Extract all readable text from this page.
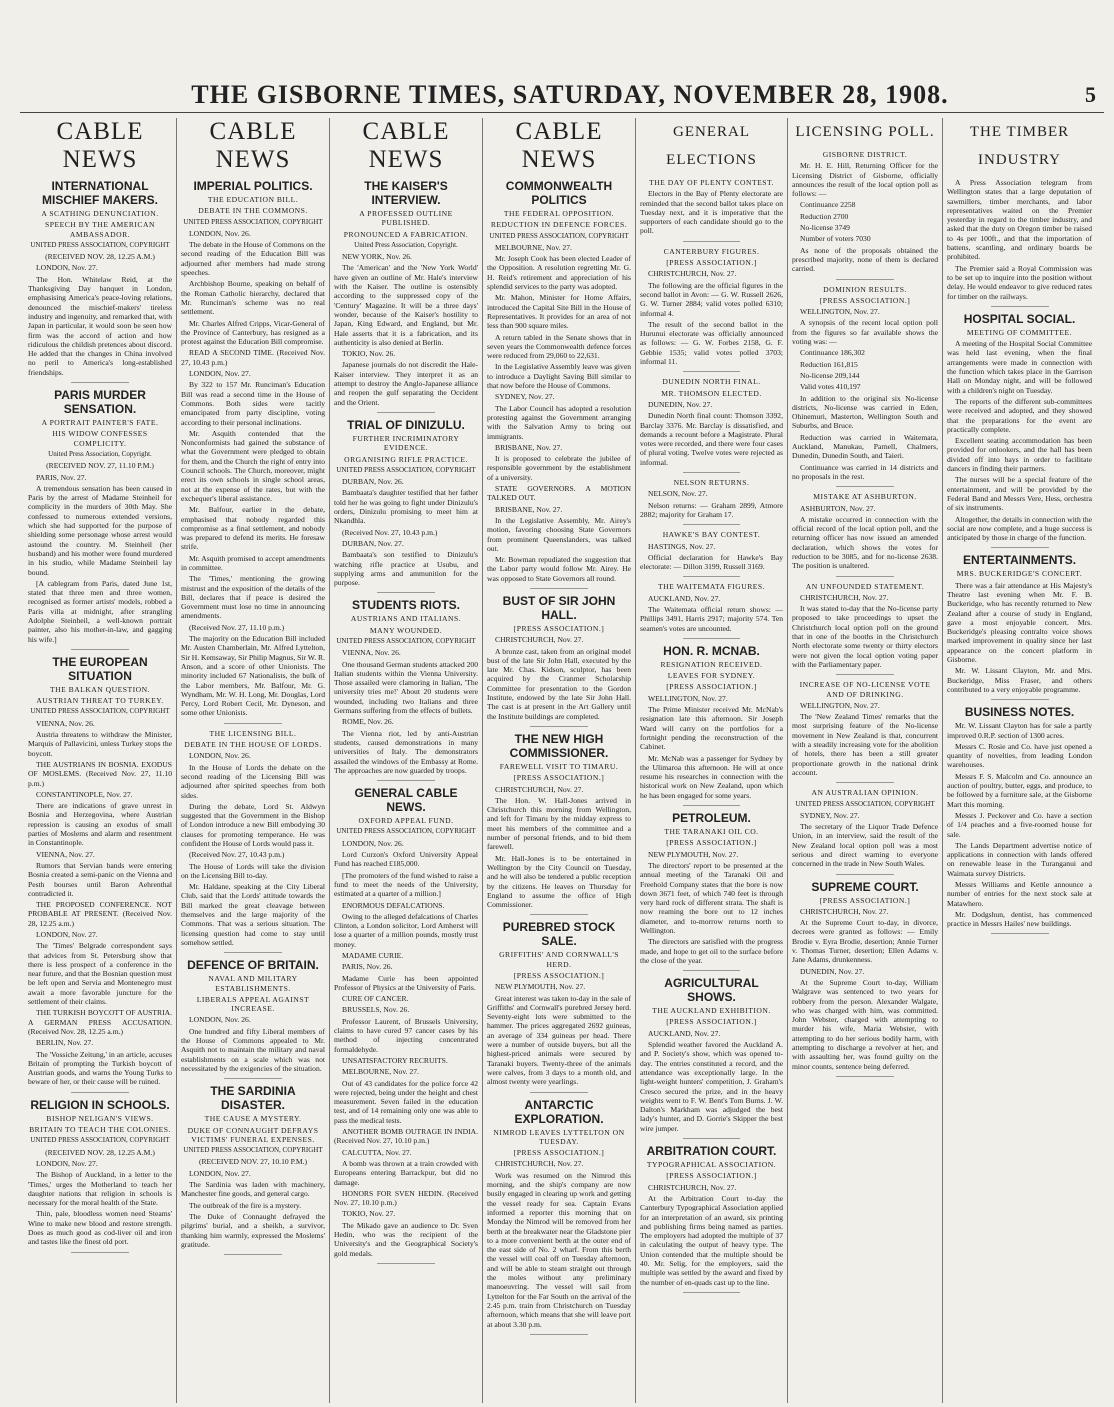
THE GISBORNE TIMES, SATURDAY, NOVEMBER 28, 1908.	5
CABLE NEWS
INTERNATIONAL MISCHIEF MAKERS.
A SCATHING DENUNCIATION.
SPEECH BY THE AMERICAN AMBASSADOR.
UNITED PRESS ASSOCIATION, COPYRIGHT
(RECEIVED NOV. 28, 12.25 A.M.)
LONDON, Nov. 27.
The Hon. Whitelaw Reid, at the Thanksgiving Day banquet in London, emphasising America's peace-loving relations, denounced the mischief-makers' tireless industry and ingenuity, and remarked that, with Japan in particular, it would soon be seen how firm was the accord of action and how ridiculous the childish pretences about discord. He added that the changes in China involved no peril to America's long-established friendships.
PARIS MURDER SENSATION.
A PORTRAIT PAINTER'S FATE.
HIS WIDOW CONFESSES COMPLICITY.
United Press Association, Copyright.
(RECEIVED NOV. 27, 11.10 P.M.)
PARIS, Nov. 27.
A tremendous sensation has been caused in Paris by the arrest of Madame Steinheil for complicity in the murders of 30th May. She confessed to numerous extended versions, which she had supported for the purpose of shielding some personage whose arrest would astound the country. M. Steinheil (her husband) and his mother were found murdered in his studio, while Madame Steinheil lay bound.
[A cablegram from Paris, dated June 1st, stated that three men and three women, recognised as former artists' models, robbed a Paris villa at midnight, after strangling Adolphe Steinheil, a well-known portrait painter, also his mother-in-law, and gagging his wife.]
THE EUROPEAN SITUATION
THE BALKAN QUESTION.
AUSTRIAN THREAT TO TURKEY.
UNITED PRESS ASSOCIATION, COPYRIGHT
VIENNA, Nov. 26.
Austria threatens to withdraw the Minister, Marquis of Pallavicini, unless Turkey stops the boycott.
THE AUSTRIANS IN BOSNIA. EXODUS OF MOSLEMS. (Received Nov. 27, 11.10 p.m.)
CONSTANTINOPLE, Nov. 27.
There are indications of grave unrest in Bosnia and Herzegovina, where Austrian repression is causing an exodus of small parties of Moslems and alarm and resentment in Constantinople.
VIENNA, Nov. 27.
Rumors that Servian bands were entering Bosnia created a semi-panic on the Vienna and Pesth bourses until Baron Aehrenthal contradicted it.
THE PROPOSED CONFERENCE. NOT PROBABLE AT PRESENT. (Received Nov. 28, 12.25 a.m.)
LONDON, Nov. 27.
The 'Times' Belgrade correspondent says that advices from St. Petersburg show that there is less prospect of a conference in the near future, and that the Bosnian question must be left open and Servia and Montenegro must await a more favorable juncture for the settlement of their claims.
THE TURKISH BOYCOTT OF AUSTRIA. A GERMAN PRESS ACCUSATION. (Received Nov. 28, 12.25 a.m.)
BERLIN, Nov. 27.
The 'Vossiche Zeitung,' in an article, accuses Britain of prompting the Turkish boycott of Austrian goods, and warns the Young Turks to beware of her, or their cause will be ruined.
RELIGION IN SCHOOLS.
BISHOP NELIGAN'S VIEWS.
BRITAIN TO TEACH THE COLONIES.
UNITED PRESS ASSOCIATION, COPYRIGHT
(RECEIVED NOV. 28, 12.25 A.M.)
LONDON, Nov. 27.
The Bishop of Auckland, in a letter to the 'Times,' urges the Motherland to teach her daughter nations that religion in schools is necessary for the moral health of the State.
Thin, pale, bloodless women need Steams' Wine to make new blood and restore strength. Does as much good as cod-liver oil and iron and tastes like the finest old port.
CABLE NEWS
IMPERIAL POLITICS.
THE EDUCATION BILL.
DEBATE IN THE COMMONS.
UNITED PRESS ASSOCIATION, COPYRIGHT
LONDON, Nov. 26.
The debate in the House of Commons on the second reading of the Education Bill was adjourned after members had made strong speeches.
Archbishop Bourne, speaking on behalf of the Roman Catholic hierarchy, declared that Mr. Runciman's scheme was no real settlement.
Mr. Charles Alfred Cripps, Vicar-General of the Province of Canterbury, has resigned as a protest against the Education Bill compromise.
READ A SECOND TIME. (Received Nov. 27, 10.43 p.m.)
LONDON, Nov. 27.
By 322 to 157 Mr. Runciman's Education Bill was read a second time in the House of Commons. Both sides were tacitly emancipated from party discipline, voting according to their personal inclinations.
Mr. Asquith contended that the Nonconformists had gained the substance of what the Government were pledged to obtain for them, and the Church the right of entry into Council schools. The Church, moreover, might erect its own schools in single school areas, not at the expense of the rates, but with the exchequer's liberal assistance.
Mr. Balfour, earlier in the debate, emphasised that nobody regarded this compromise as a final settlement, and nobody was prepared to defend its merits. He foresaw strife.
Mr. Asquith promised to accept amendments in committee.
The 'Times,' mentioning the growing mistrust and the exposition of the details of the Bill, declares that if peace is desired the Government must lose no time in announcing amendments.
(Received Nov. 27, 11.10 p.m.)
The majority on the Education Bill included Mr. Austen Chamberlain, Mr. Alfred Lyttelton, Sir H. Kemsaway, Sir Philip Magnus, Sir W. R. Anson, and a score of other Unionists. The minority included 67 Nationalists, the bulk of the Labor members, Mr. Balfour, Mr. G. Wyndham, Mr. W. H. Long, Mr. Douglas, Lord Percy, Lord Robert Cecil, Mr. Dyneson, and some other Unionists.
THE LICENSING BILL.
DEBATE IN THE HOUSE OF LORDS.
LONDON, Nov. 26.
In the House of Lords the debate on the second reading of the Licensing Bill was adjourned after spirited speeches from both sides.
During the debate, Lord St. Aldwyn suggested that the Government in the Bishop of London introduce a new Bill embodying 30 clauses for promoting temperance. He was confident the House of Lords would pass it.
(Received Nov. 27, 10.43 p.m.)
The House of Lords will take the division on the Licensing Bill to-day.
Mr. Haldane, speaking at the City Liberal Club, said that the Lords' attitude towards the Bill marked the great cleavage between themselves and the large majority of the Commons. That was a serious situation. The licensing question had come to stay until somehow settled.
DEFENCE OF BRITAIN.
NAVAL AND MILITARY ESTABLISHMENTS.
LIBERALS APPEAL AGAINST INCREASE.
LONDON, Nov. 26.
One hundred and fifty Liberal members of the House of Commons appealed to Mr. Asquith not to maintain the military and naval establishments on a scale which was not necessitated by the exigencies of the situation.
THE SARDINIA DISASTER.
THE CAUSE A MYSTERY.
DUKE OF CONNAUGHT DEFRAYS VICTIMS' FUNERAL EXPENSES.
UNITED PRESS ASSOCIATION, COPYRIGHT
(RECEIVED NOV. 27, 10.10 P.M.)
LONDON, Nov. 27.
The Sardinia was laden with machinery, Manchester fine goods, and general cargo.
The outbreak of the fire is a mystery.
The Duke of Connaught defrayed the pilgrims' burial, and a sheikh, a survivor, thanking him warmly, expressed the Moslems' gratitude.
CABLE NEWS
THE KAISER'S INTERVIEW.
A PROFESSED OUTLINE PUBLISHED.
PRONOUNCED A FABRICATION.
United Press Association, Copyright.
NEW YORK, Nov. 26.
The 'American' and the 'New York World' have given an outline of Mr. Hale's interview with the Kaiser. The outline is ostensibly according to the suppressed copy of the 'Century' Magazine. It will be a three days' wonder, because of the Kaiser's hostility to Japan, King Edward, and England, but Mr. Hale asserts that it is a fabrication, and its authenticity is also denied at Berlin.
TOKIO, Nov. 26.
Japanese journals do not discredit the Hale-Kaiser interview. They interpret it as an attempt to destroy the Anglo-Japanese alliance and reopen the gulf separating the Occident and the Orient.
TRIAL OF DINIZULU.
FURTHER INCRIMINATORY EVIDENCE.
ORGANISING RIFLE PRACTICE.
UNITED PRESS ASSOCIATION, COPYRIGHT
DURBAN, Nov. 26.
Bambaata's daughter testified that her father told her he was going to fight under Dinizulu's orders, Dinizulu promising to meet him at Nkandhla.
(Received Nov. 27, 10.43 p.m.)
DURBAN, Nov. 27.
Bambaata's son testified to Dinizulu's watching rifle practice at Usubu, and supplying arms and ammunition for the purpose.
STUDENTS RIOTS.
AUSTRIANS AND ITALIANS.
MANY WOUNDED.
UNITED PRESS ASSOCIATION, COPYRIGHT
VIENNA, Nov. 26.
One thousand German students attacked 200 Italian students within the Vienna University. Those assailed were clamoring in Italian, 'The university tries me!' About 20 students were wounded, including two Italians and three Germans suffering from the effects of bullets.
ROME, Nov. 26.
The Vienna riot, led by anti-Austrian students, caused demonstrations in many universities of Italy. The demonstrators assailed the windows of the Embassy at Rome. The approaches are now guarded by troops.
GENERAL CABLE NEWS.
OXFORD APPEAL FUND.
UNITED PRESS ASSOCIATION, COPYRIGHT
LONDON, Nov. 26.
Lord Curzon's Oxford University Appeal Fund has reached £185,000.
[The promoters of the fund wished to raise a fund to meet the needs of the University, estimated at a quarter of a million.]
ENORMOUS DEFALCATIONS.
Owing to the alleged defalcations of Charles Clinton, a London solicitor, Lord Amherst will lose a quarter of a million pounds, mostly trust money.
MADAME CURIE.
PARIS, Nov. 26.
Madame Curie has been appointed Professor of Physics at the University of Paris.
CURE OF CANCER.
BRUSSELS, Nov. 26.
Professor Laurent, of Brussels University, claims to have cured 97 cancer cases by his method of injecting concentrated formaldehyde.
UNSATISFACTORY RECRUITS.
MELBOURNE, Nov. 27.
Out of 43 candidates for the police force 42 were rejected, being under the height and chest measurement. Seven failed in the education test, and of 14 remaining only one was able to pass the medical tests.
ANOTHER BOMB OUTRAGE IN INDIA. (Received Nov. 27, 10.10 p.m.)
CALCUTTA, Nov. 27.
A bomb was thrown at a train crowded with Europeans entering Barrackpur, but did no damage.
HONORS FOR SVEN HEDIN. (Received Nov. 27, 10.10 p.m.)
TOKIO, Nov. 27.
The Mikado gave an audience to Dr. Sven Hedin, who was the recipient of the University's and the Geographical Society's gold medals.
CABLE NEWS
COMMONWEALTH POLITICS
THE FEDERAL OPPOSITION.
REDUCTION IN DEFENCE FORCES.
UNITED PRESS ASSOCIATION, COPYRIGHT
MELBOURNE, Nov. 27.
Mr. Joseph Cook has been elected Leader of the Opposition. A resolution regretting Mr. G. H. Reid's retirement and appreciation of his splendid services to the party was adopted.
Mr. Mahon, Minister for Home Affairs, introduced the Capital Site Bill in the House of Representatives. It provides for an area of not less than 900 square miles.
A return tabled in the Senate shows that in seven years the Commonwealth defence forces were reduced from 29,060 to 22,631.
In the Legislative Assembly leave was given to introduce a Daylight Saving Bill similar to that now before the House of Commons.
SYDNEY, Nov. 27.
The Labor Council has adopted a resolution protesting against the Government arranging with the Salvation Army to bring out immigrants.
BRISBANE, Nov. 27.
It is proposed to celebrate the jubilee of responsible government by the establishment of a university.
STATE GOVERNORS. A MOTION TALKED OUT.
BRISBANE, Nov. 27.
In the Legislative Assembly, Mr. Airey's motion, favoring choosing State Governors from prominent Queenslanders, was talked out.
Mr. Bowman repudiated the suggestion that the Labor party would follow Mr. Airey. He was opposed to State Governors all round.
BUST OF SIR JOHN HALL.
[PRESS ASSOCIATION.]
CHRISTCHURCH, Nov. 27.
A bronze cast, taken from an original model bust of the late Sir John Hall, executed by the late Mr. Chas. Kidson, sculptor, has been acquired by the Cranmer Scholarship Committee for presentation to the Gordon Institute, endowed by the late Sir John Hall. The cast is at present in the Art Gallery until the Institute buildings are completed.
THE NEW HIGH COMMISSIONER.
FAREWELL VISIT TO TIMARU.
[PRESS ASSOCIATION.]
CHRISTCHURCH, Nov. 27.
The Hon. W. Hall-Jones arrived in Christchurch this morning from Wellington, and left for Timaru by the midday express to meet his members of the committee and a number of personal friends, and to bid them farewell.
Mr. Hall-Jones is to be entertained in Wellington by the City Council on Tuesday, and he will also be tendered a public reception by the citizens. He leaves on Thursday for England to assume the office of High Commissioner.
PUREBRED STOCK SALE.
GRIFFITHS' AND CORNWALL'S HERD.
[PRESS ASSOCIATION.]
NEW PLYMOUTH, Nov. 27.
Great interest was taken to-day in the sale of Griffiths' and Cornwall's purebred Jersey herd. Seventy-eight lots were submitted to the hammer. The prices aggregated 2692 guineas, an average of 334 guineas per head. There were a number of outside buyers, but all the highest-priced animals were secured by Taranaki buyers. Twenty-three of the animals were calves, from 3 days to a month old, and almost twenty were yearlings.
ANTARCTIC EXPLORATION.
NIMROD LEAVES LYTTELTON ON TUESDAY.
[PRESS ASSOCIATION.]
CHRISTCHURCH, Nov. 27.
Work was resumed on the Nimrod this morning, and the ship's company are now busily engaged in clearing up work and getting the vessel ready for sea. Captain Evans informed a reporter this morning that on Monday the Nimrod will be removed from her berth at the breakwater near the Gladstone pier to a more convenient berth at the outer end of the east side of No. 2 wharf. From this berth the vessel will coal off on Tuesday afternoon, and will be able to steam straight out through the moles without any preliminary manoeuvring. The vessel will sail from Lyttelton for the Far South on the arrival of the 2.45 p.m. train from Christchurch on Tuesday afternoon, which means that she will leave port at about 3.30 p.m.
GENERAL ELECTIONS
THE DAY OF PLENTY CONTEST.
Electors in the Bay of Plenty electorate are reminded that the second ballot takes place on Tuesday next, and it is imperative that the supporters of each candidate should go to the poll.
CANTERBURY FIGURES.
[PRESS ASSOCIATION.]
CHRISTCHURCH, Nov. 27.
The following are the official figures in the second ballot in Avon: — G. W. Russell 2626, G. W. Turner 2884; valid votes polled 6310; informal 4.
The result of the second ballot in the Hurunui electorate was officially announced as follows: — G. W. Forbes 2158, G. F. Gebbie 1535; valid votes polled 3703; informal 11.
DUNEDIN NORTH FINAL.
MR. THOMSON ELECTED.
DUNEDIN, Nov. 27.
Dunedin North final count: Thomson 3392, Barclay 3376. Mr. Barclay is dissatisfied, and demands a recount before a Magistrate. Plural votes were recorded, and there were four cases of plural voting. Twelve votes were rejected as informal.
NELSON RETURNS.
NELSON, Nov. 27.
Nelson returns: — Graham 2899, Atmore 2882; majority for Graham 17.
HAWKE'S BAY CONTEST.
HASTINGS, Nov. 27.
Official declaration for Hawke's Bay electorate: — Dillon 3199, Russell 3169.
THE WAITEMATA FIGURES.
AUCKLAND, Nov. 27.
The Waitemata official return shows: — Phillips 3491, Harris 2917; majority 574. Ten seamen's votes are uncounted.
HON. R. MCNAB.
RESIGNATION RECEIVED.
LEAVES FOR SYDNEY.
[PRESS ASSOCIATION.]
WELLINGTON, Nov. 27.
The Prime Minister received Mr. McNab's resignation late this afternoon. Sir Joseph Ward will carry on the portfolios for a fortnight pending the reconstruction of the Cabinet.
Mr. McNab was a passenger for Sydney by the Ulimaroa this afternoon. He will at once resume his researches in connection with the historical work on New Zealand, upon which he has been engaged for some years.
PETROLEUM.
THE TARANAKI OIL CO.
[PRESS ASSOCIATION.]
NEW PLYMOUTH, Nov. 27.
The directors' report to be presented at the annual meeting of the Taranaki Oil and Freehold Company states that the bore is now down 3671 feet, of which 740 feet is through very hard rock of different strata. The shaft is now reaming the bore out to 12 inches diameter, and to-morrow returns north to Wellington.
The directors are satisfied with the progress made, and hope to get oil to the surface before the close of the year.
AGRICULTURAL SHOWS.
THE AUCKLAND EXHIBITION.
[PRESS ASSOCIATION.]
AUCKLAND, Nov. 27.
Splendid weather favored the Auckland A. and P. Society's show, which was opened to-day. The entries constituted a record, and the attendance was exceptionally large. In the light-weight hunters' competition, J. Graham's Cresco secured the prize, and in the heavy weights went to F. W. Bent's Tom Burns. J. W. Dalton's Markham was adjudged the best lady's hunter, and D. Gorrie's Skipper the best wire jumper.
ARBITRATION COURT.
TYPOGRAPHICAL ASSOCIATION.
[PRESS ASSOCIATION.]
CHRISTCHURCH, Nov. 27.
At the Arbitration Court to-day the Canterbury Typographical Association applied for an interpretation of an award, six printing and publishing firms being named as parties. The employers had adopted the multiple of 37 in calculating the output of heavy type. The Union contended that the multiple should be 40. Mr. Selig, for the employers, said the multiple was settled by the award and fixed by the number of en-quads cast up to the line.
LICENSING POLL.
GISBORNE DISTRICT.
Mr. H. E. Hill, Returning Officer for the Licensing District of Gisborne, officially announces the result of the local option poll as follows: —
Continuance 2258
Reduction 2700
No-license 3749
Number of voters 7030
As none of the proposals obtained the prescribed majority, none of them is declared carried.
DOMINION RESULTS.
[PRESS ASSOCIATION.]
WELLINGTON, Nov. 27.
A synopsis of the recent local option poll from the figures so far available shows the voting was: —
Continuance 186,302
Reduction 161,815
No-license 209,144
Valid votes 410,197
In addition to the original six No-license districts, No-license was carried in Eden, Ohinemuri, Masterton, Wellington South and Suburbs, and Bruce.
Reduction was carried in Waitemata, Auckland, Manukau, Parnell, Chalmers, Dunedin, Dunedin South, and Taieri.
Continuance was carried in 14 districts and no proposals in the rest.
MISTAKE AT ASHBURTON.
ASHBURTON, Nov. 27.
A mistake occurred in connection with the official record of the local option poll, and the returning officer has now issued an amended declaration, which shows the votes for reduction to be 3085, and for no-license 2638. The position is unaltered.
AN UNFOUNDED STATEMENT.
CHRISTCHURCH, Nov. 27.
It was stated to-day that the No-license party proposed to take proceedings to upset the Christchurch local option poll on the ground that in one of the booths in the Christchurch North electorate some twenty or thirty electors were not given the local option voting paper with the Parliamentary paper.
INCREASE OF NO-LICENSE VOTE AND OF DRINKING.
WELLINGTON, Nov. 27.
The 'New Zealand Times' remarks that the most surprising feature of the No-license movement in New Zealand is that, concurrent with a steadily increasing vote for the abolition of hotels, there has been a still greater proportionate growth in the national drink account.
AN AUSTRALIAN OPINION.
UNITED PRESS ASSOCIATION, COPYRIGHT
SYDNEY, Nov. 27.
The secretary of the Liquor Trade Defence Union, in an interview, said the result of the New Zealand local option poll was a most serious and direct warning to everyone concerned in the trade in New South Wales.
SUPREME COURT.
[PRESS ASSOCIATION.]
CHRISTCHURCH, Nov. 27.
At the Supreme Court to-day, in divorce, decrees were granted as follows: — Emily Brodie v. Eyra Brodie, desertion; Annie Turner v. Thomas Turner, desertion; Ellen Adams v. Jane Adams, drunkenness.
DUNEDIN, Nov. 27.
At the Supreme Court to-day, William Walgrave was sentenced to two years for robbery from the person. Alexander Walgate, who was charged with him, was committed. John Webster, charged with attempting to murder his wife, Maria Webster, with attempting to do her serious bodily harm, with attempting to discharge a revolver at her, and with assaulting her, was found guilty on the minor counts, sentence being deferred.
THE TIMBER INDUSTRY
A Press Association telegram from Wellington states that a large deputation of sawmillers, timber merchants, and labor representatives waited on the Premier yesterday in regard to the timber industry, and asked that the duty on Oregon timber be raised to 4s per 100ft., and that the importation of battens, scantling, and ordinary boards be prohibited.
The Premier said a Royal Commission was to be set up to inquire into the position without delay. He would endeavor to give reduced rates for timber on the railways.
HOSPITAL SOCIAL.
MEETING OF COMMITTEE.
A meeting of the Hospital Social Committee was held last evening, when the final arrangements were made in connection with the function which takes place in the Garrison Hall on Monday night, and will be followed with a children's night on Tuesday.
The reports of the different sub-committees were received and adopted, and they showed that the preparations for the event are practically complete.
Excellent seating accommodation has been provided for onlookers, and the hall has been divided off into bays in order to facilitate dancers in finding their partners.
The nurses will be a special feature of the entertainment, and will be provided by the Federal Band and Messrs Vere, Hess, orchestra of six instruments.
Altogether, the details in connection with the social are now complete, and a huge success is anticipated by those in charge of the function.
ENTERTAINMENTS.
MRS. BUCKERIDGE'S CONCERT.
There was a fair attendance at His Majesty's Theatre last evening when Mr. F. B. Buckeridge, who has recently returned to New Zealand after a course of study in England, gave a most enjoyable concert. Mrs. Buckeridge's pleasing contralto voice shows marked improvement in quality since her last appearance on the concert platform in Gisborne.
Mr. W. Lissant Clayton, Mr. and Mrs. Buckeridge, Miss Fraser, and others contributed to a very enjoyable programme.
BUSINESS NOTES.
Mr. W. Lissant Clayton has for sale a partly improved 0.R.P. section of 1300 acres.
Messrs C. Rosie and Co. have just opened a quantity of novelties, from leading London warehouses.
Messrs F. S. Malcolm and Co. announce an auction of poultry, butter, eggs, and produce, to be followed by a furniture sale, at the Gisborne Mart this morning.
Messrs J. Peckover and Co. have a section of 1/4 peaches and a five-roomed house for sale.
The Lands Department advertise notice of applications in connection with lands offered on renewable lease in the Turanganui and Waimata survey Districts.
Messrs Williams and Kettle announce a number of entries for the next stock sale at Matawhero.
Mr. Dodgshun, dentist, has commenced practice in Messrs Hailes' new buildings.
